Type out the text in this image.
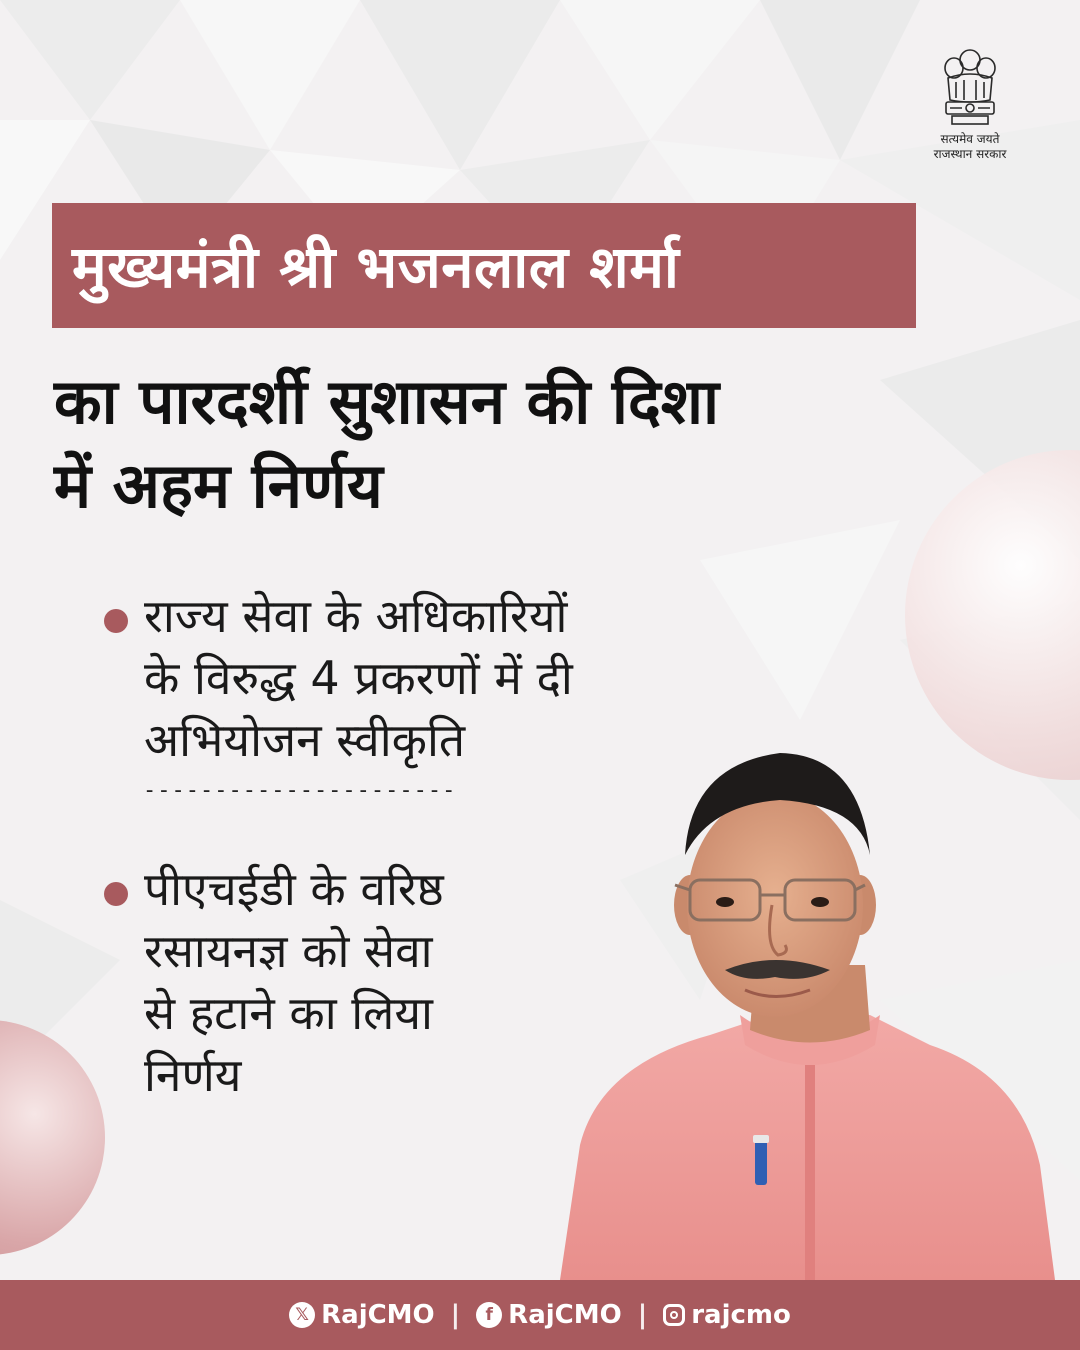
सत्यमेव जयते
राजस्थान सरकार
मुख्यमंत्री श्री भजनलाल शर्मा
का पारदर्शी सुशासन की दिशा
में अहम निर्णय
राज्य सेवा के अधिकारियों
के विरुद्ध 4 प्रकरणों में दी
अभियोजन स्वीकृति
----------------------
पीएचईडी के वरिष्ठ
रसायनज्ञ को सेवा
से हटाने का लिया
निर्णय
𝕏 RajCMO |	f RajCMO | rajcmo
